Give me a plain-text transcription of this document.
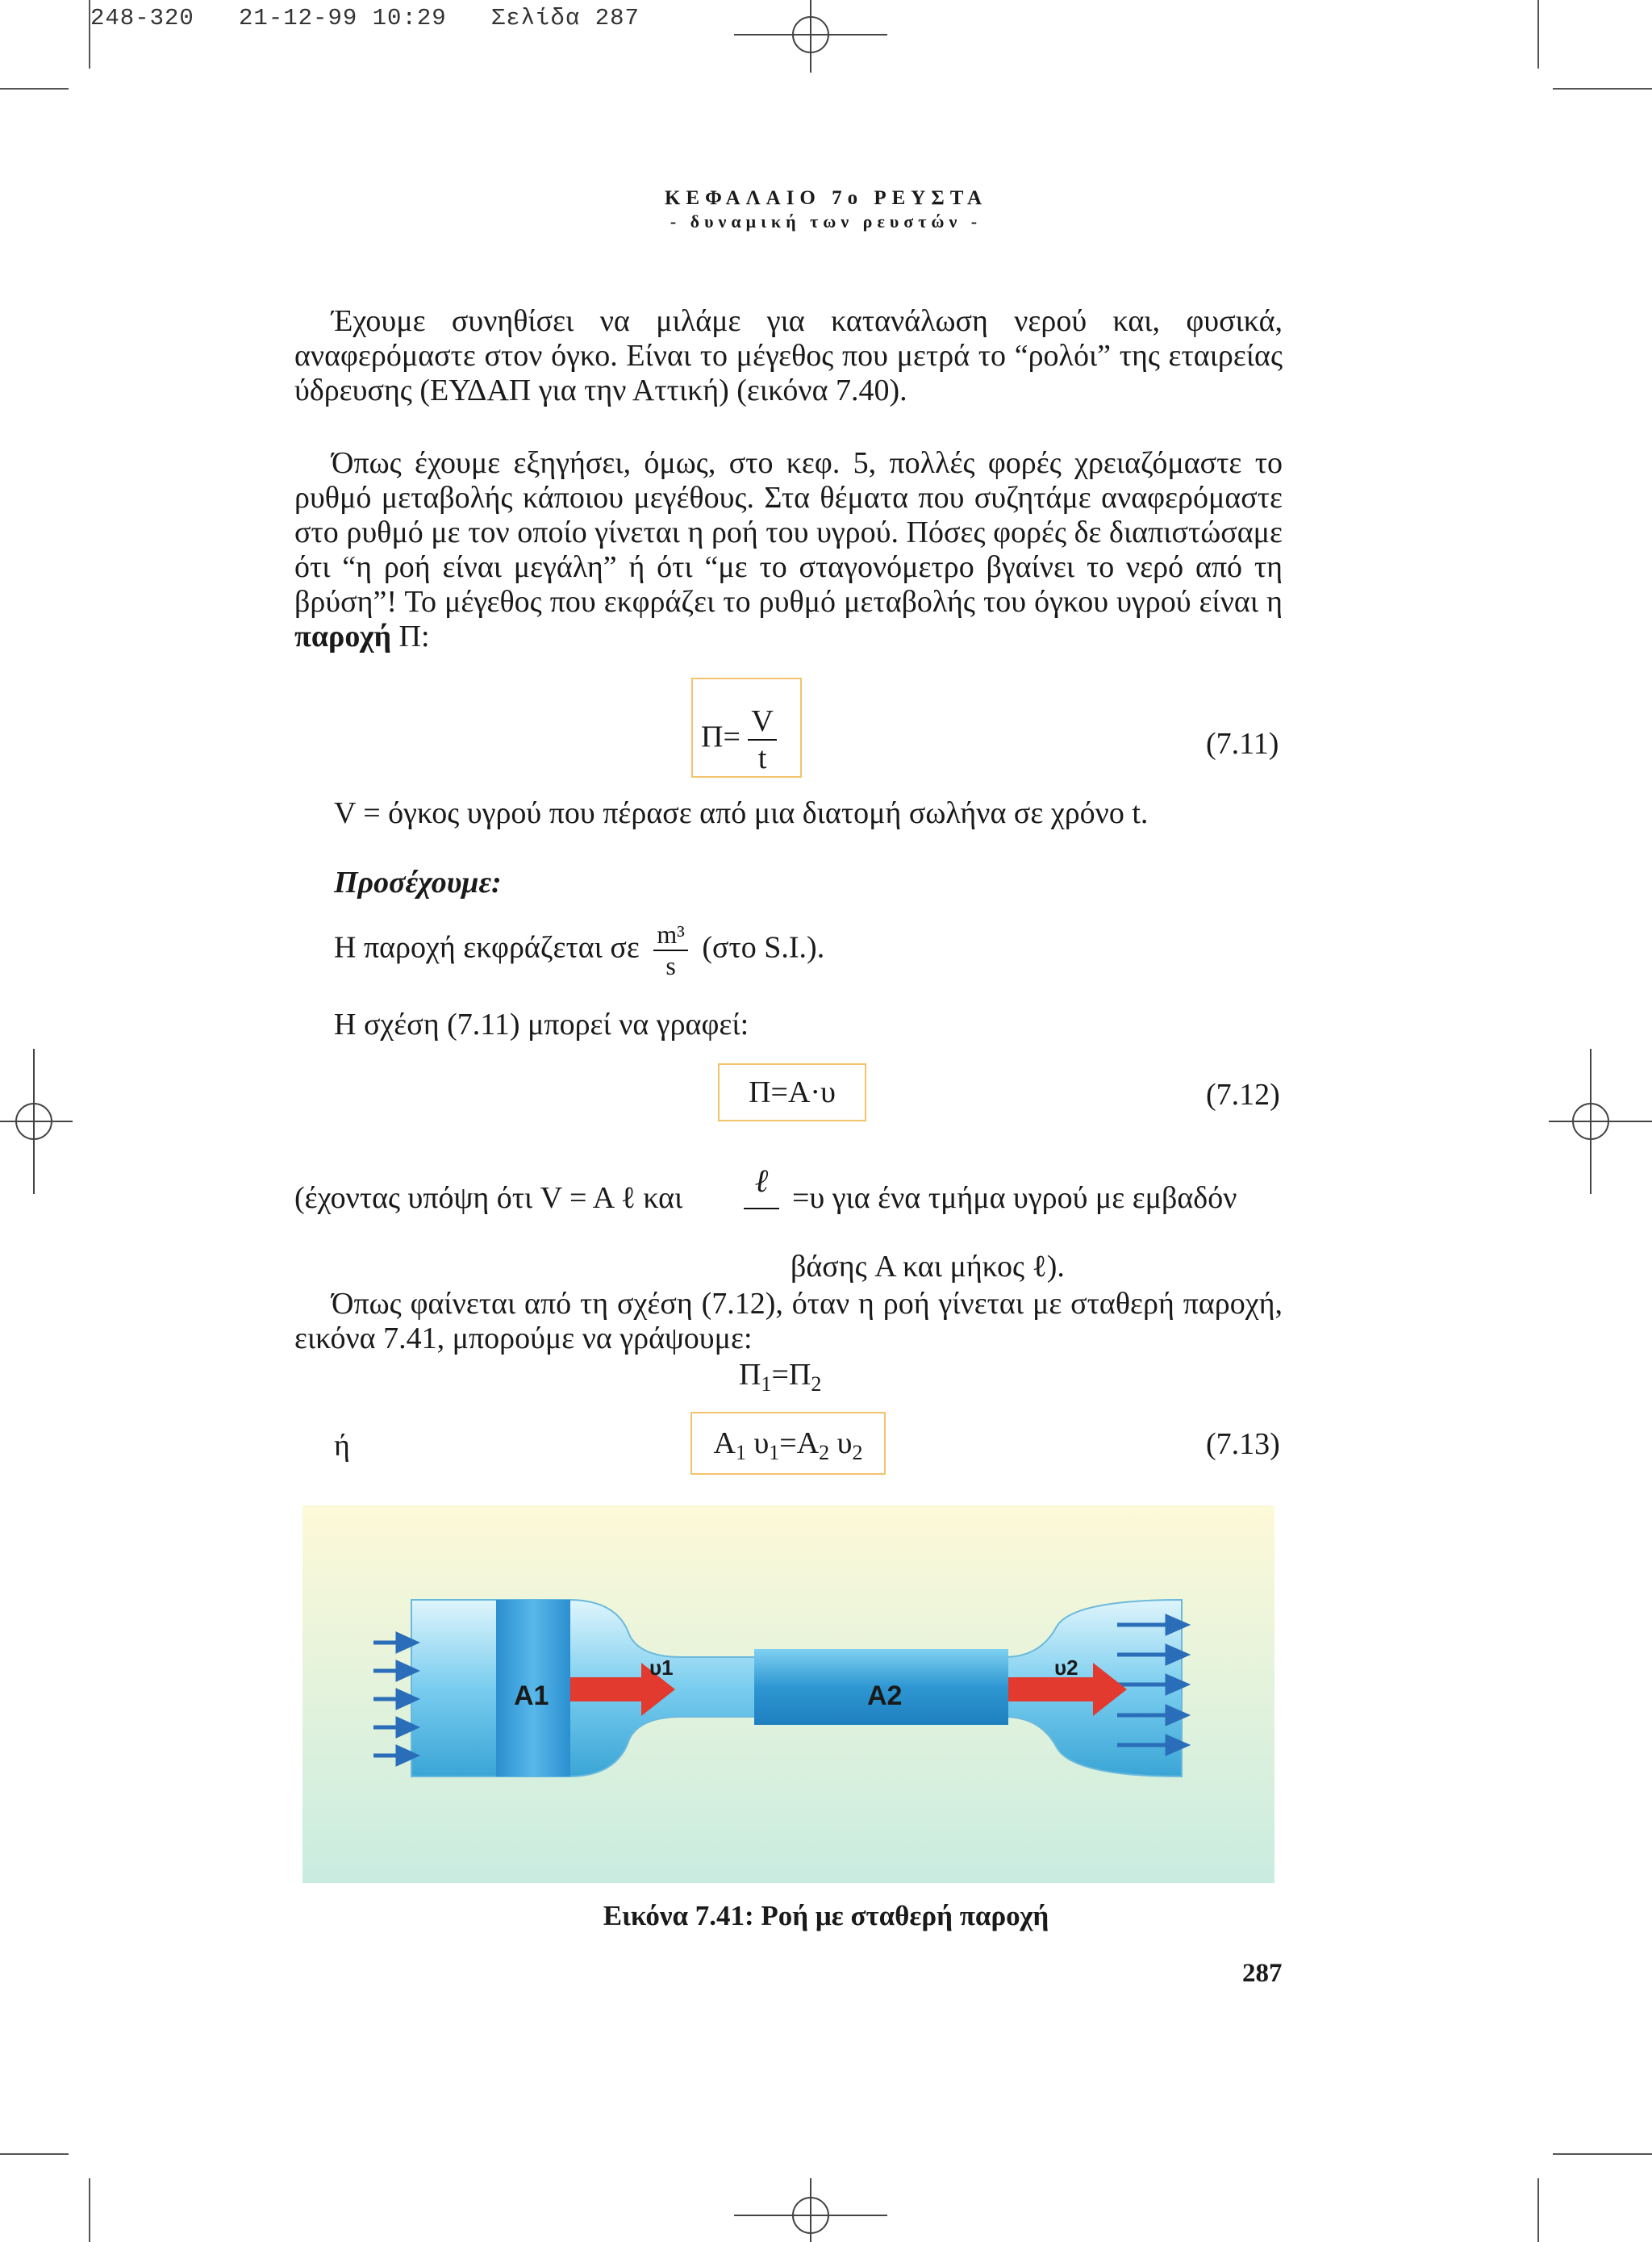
248-320   21-12-99 10:29   Σελίδα 287
ΚΕΦΑΛΑΙΟ 7ο ΡΕΥΣΤΑ
- δυναμική των ρευστών -

Έχουμε συνηθίσει να μιλάμε για κατανάλωση νερού και, φυσικά, αναφερόμαστε στον όγκο. Είναι το μέγεθος που μετρά το “ρολόι” της εταιρείας ύδρευσης (ΕΥΔΑΠ για την Αττική) (εικόνα 7.40).

Όπως έχουμε εξηγήσει, όμως, στο κεφ. 5, πολλές φορές χρειαζόμαστε το ρυθμό μεταβολής κάποιου μεγέθους. Στα θέματα που συζητάμε αναφερόμαστε στο ρυθμό με τον οποίο γίνεται η ροή του υγρού. Πόσες φορές δε διαπιστώσαμε ότι “η ροή είναι μεγάλη” ή ότι “με το σταγονόμετρο βγαίνει το νερό από τη βρύση”! Το μέγεθος που εκφράζει το ρυθμό μεταβολής του όγκου υγρού είναι η παροχή Π:

$\Pi= \frac{V}{t}$	(7.11)
V = όγκος υγρού που πέρασε από μια διατομή σωλήνα σε χρόνο t.
Προσέχουμε:
Η παροχή εκφράζεται σε $\frac{\text{m³}}{s} (\sigma\tau o$ S.I.).
Η σχέση (7.11) μπορεί να γραφεί:
Π=A·υ	(7.12)
(έχοντας υπόψη ότι V = A ℓ και	ℓ =υ για ένα τμήμα υγρού με εμβαδόν
βάσης A και μήκος ℓ).

Όπως φαίνεται από τη σχέση (7.12), όταν η ροή γίνεται με σταθερή παροχή, εικόνα 7.41, μπορούμε να γράψουμε:

$\Pi_1=\Pi_2$
ή	$A_1$ $\upsilon_1=A_2$ $\upsilon_2$	(7.13)
A1
υ1
A2
υ2
Εικόνα 7.41: Ροή με σταθερή παροχή
287
